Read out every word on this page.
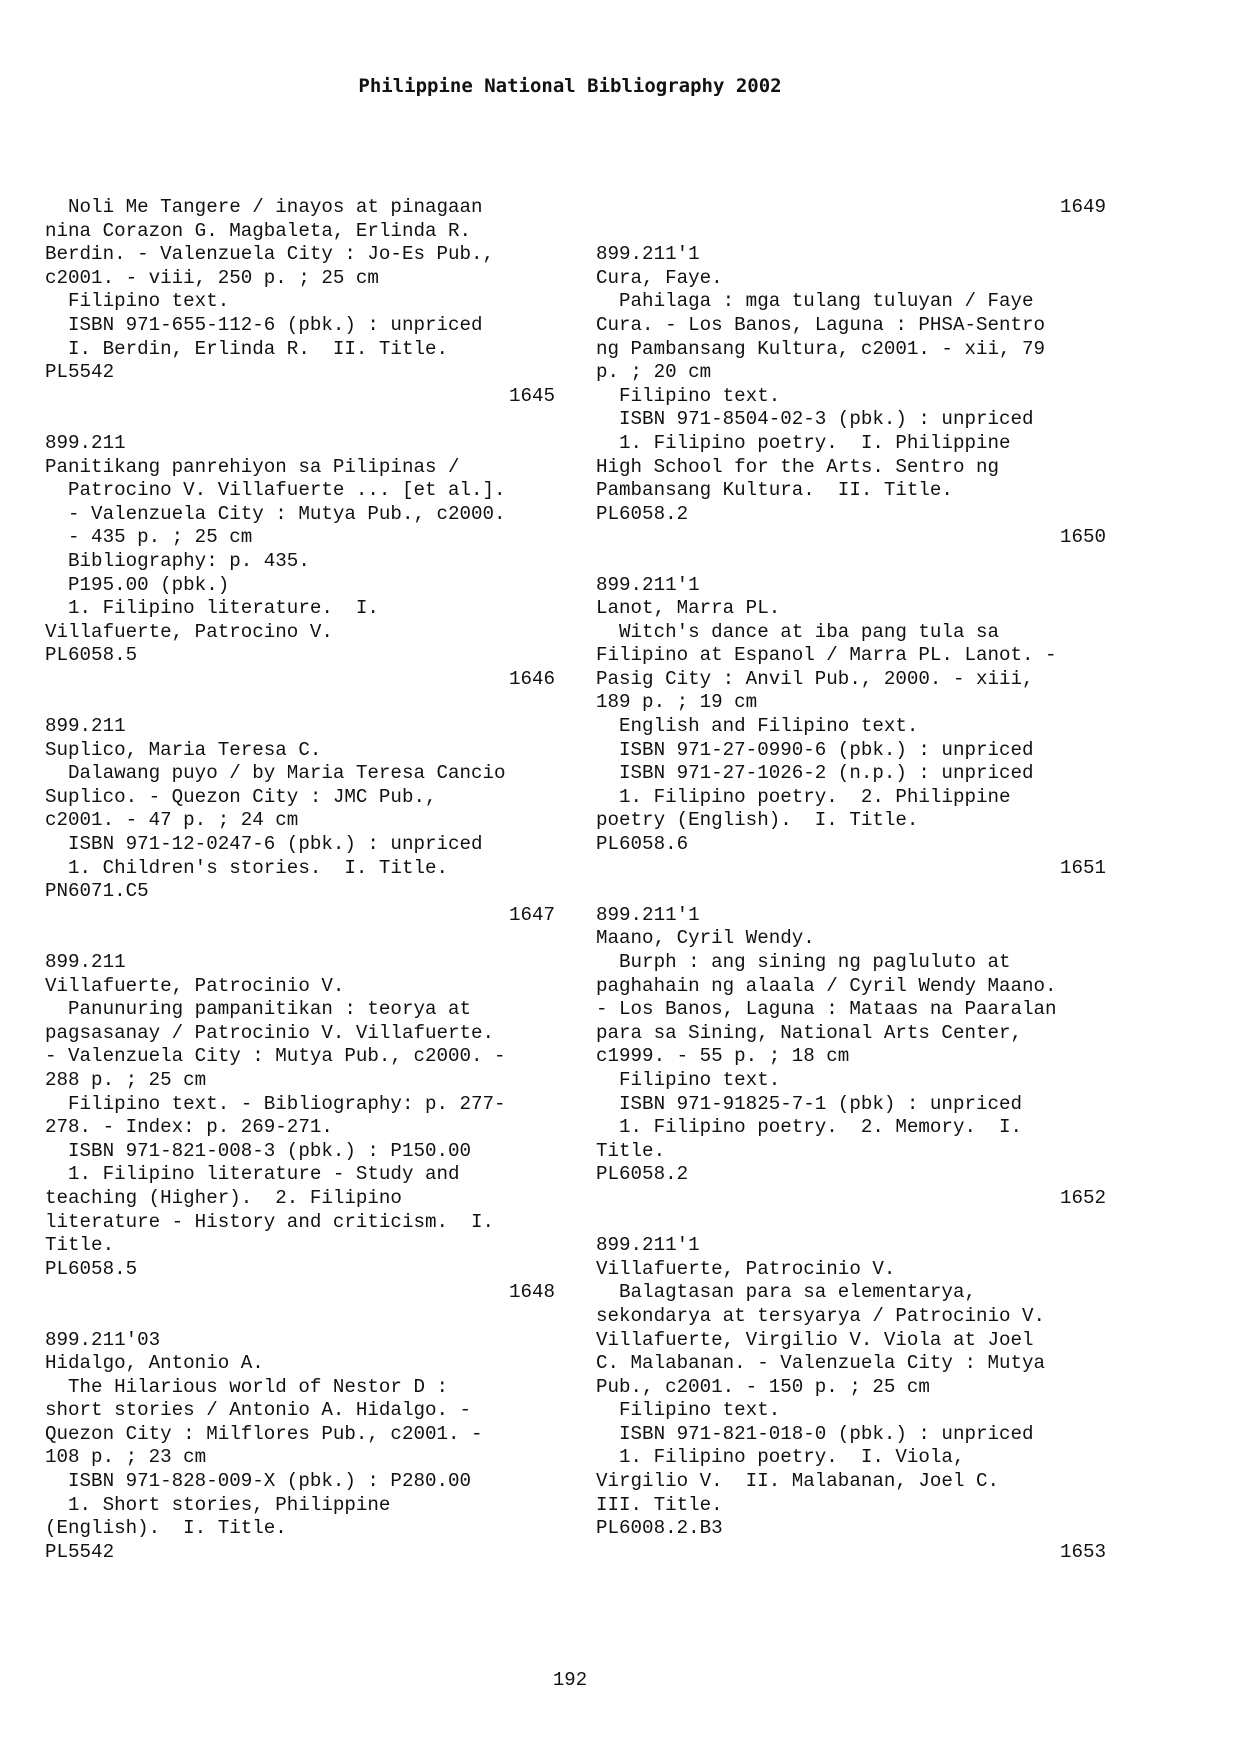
Philippine National Bibliography 2002
Noli Me Tangere / inayos at pinagaan
nina Corazon G. Magbaleta, Erlinda R.
Berdin. - Valenzuela City : Jo-Es Pub.,
c2001. - viii, 250 p. ; 25 cm
Filipino text.
ISBN 971-655-112-6 (pbk.) : unpriced
I. Berdin, Erlinda R.  II. Title.
PL5542
1645
899.211
Panitikang panrehiyon sa Pilipinas /
Patrocino V. Villafuerte ... [et al.].
- Valenzuela City : Mutya Pub., c2000.
- 435 p. ; 25 cm
Bibliography: p. 435.
P195.00 (pbk.)
1. Filipino literature.  I.
Villafuerte, Patrocino V.
PL6058.5
1646
899.211
Suplico, Maria Teresa C.
Dalawang puyo / by Maria Teresa Cancio
Suplico. - Quezon City : JMC Pub.,
c2001. - 47 p. ; 24 cm
ISBN 971-12-0247-6 (pbk.) : unpriced
1. Children's stories.  I. Title.
PN6071.C5
1647
899.211
Villafuerte, Patrocinio V.
Panunuring pampanitikan : teorya at
pagsasanay / Patrocinio V. Villafuerte.
- Valenzuela City : Mutya Pub., c2000. -
288 p. ; 25 cm
Filipino text. - Bibliography: p. 277-
278. - Index: p. 269-271.
ISBN 971-821-008-3 (pbk.) : P150.00
1. Filipino literature - Study and
teaching (Higher).  2. Filipino
literature - History and criticism.  I.
Title.
PL6058.5
1648
899.211'03
Hidalgo, Antonio A.
The Hilarious world of Nestor D :
short stories / Antonio A. Hidalgo. -
Quezon City : Milflores Pub., c2001. -
108 p. ; 23 cm
ISBN 971-828-009-X (pbk.) : P280.00
1. Short stories, Philippine
(English).  I. Title.
PL5542
1649
899.211'1
Cura, Faye.
Pahilaga : mga tulang tuluyan / Faye
Cura. - Los Banos, Laguna : PHSA-Sentro
ng Pambansang Kultura, c2001. - xii, 79
p. ; 20 cm
Filipino text.
ISBN 971-8504-02-3 (pbk.) : unpriced
1. Filipino poetry.  I. Philippine
High School for the Arts. Sentro ng
Pambansang Kultura.  II. Title.
PL6058.2
1650
899.211'1
Lanot, Marra PL.
Witch's dance at iba pang tula sa
Filipino at Espanol / Marra PL. Lanot. -
Pasig City : Anvil Pub., 2000. - xiii,
189 p. ; 19 cm
English and Filipino text.
ISBN 971-27-0990-6 (pbk.) : unpriced
ISBN 971-27-1026-2 (n.p.) : unpriced
1. Filipino poetry.  2. Philippine
poetry (English).  I. Title.
PL6058.6
1651
899.211'1
Maano, Cyril Wendy.
Burph : ang sining ng pagluluto at
paghahain ng alaala / Cyril Wendy Maano.
- Los Banos, Laguna : Mataas na Paaralan
para sa Sining, National Arts Center,
c1999. - 55 p. ; 18 cm
Filipino text.
ISBN 971-91825-7-1 (pbk) : unpriced
1. Filipino poetry.  2. Memory.  I.
Title.
PL6058.2
1652
899.211'1
Villafuerte, Patrocinio V.
Balagtasan para sa elementarya,
sekondarya at tersyarya / Patrocinio V.
Villafuerte, Virgilio V. Viola at Joel
C. Malabanan. - Valenzuela City : Mutya
Pub., c2001. - 150 p. ; 25 cm
Filipino text.
ISBN 971-821-018-0 (pbk.) : unpriced
1. Filipino poetry.  I. Viola,
Virgilio V.  II. Malabanan, Joel C.
III. Title.
PL6008.2.B3
1653
192
